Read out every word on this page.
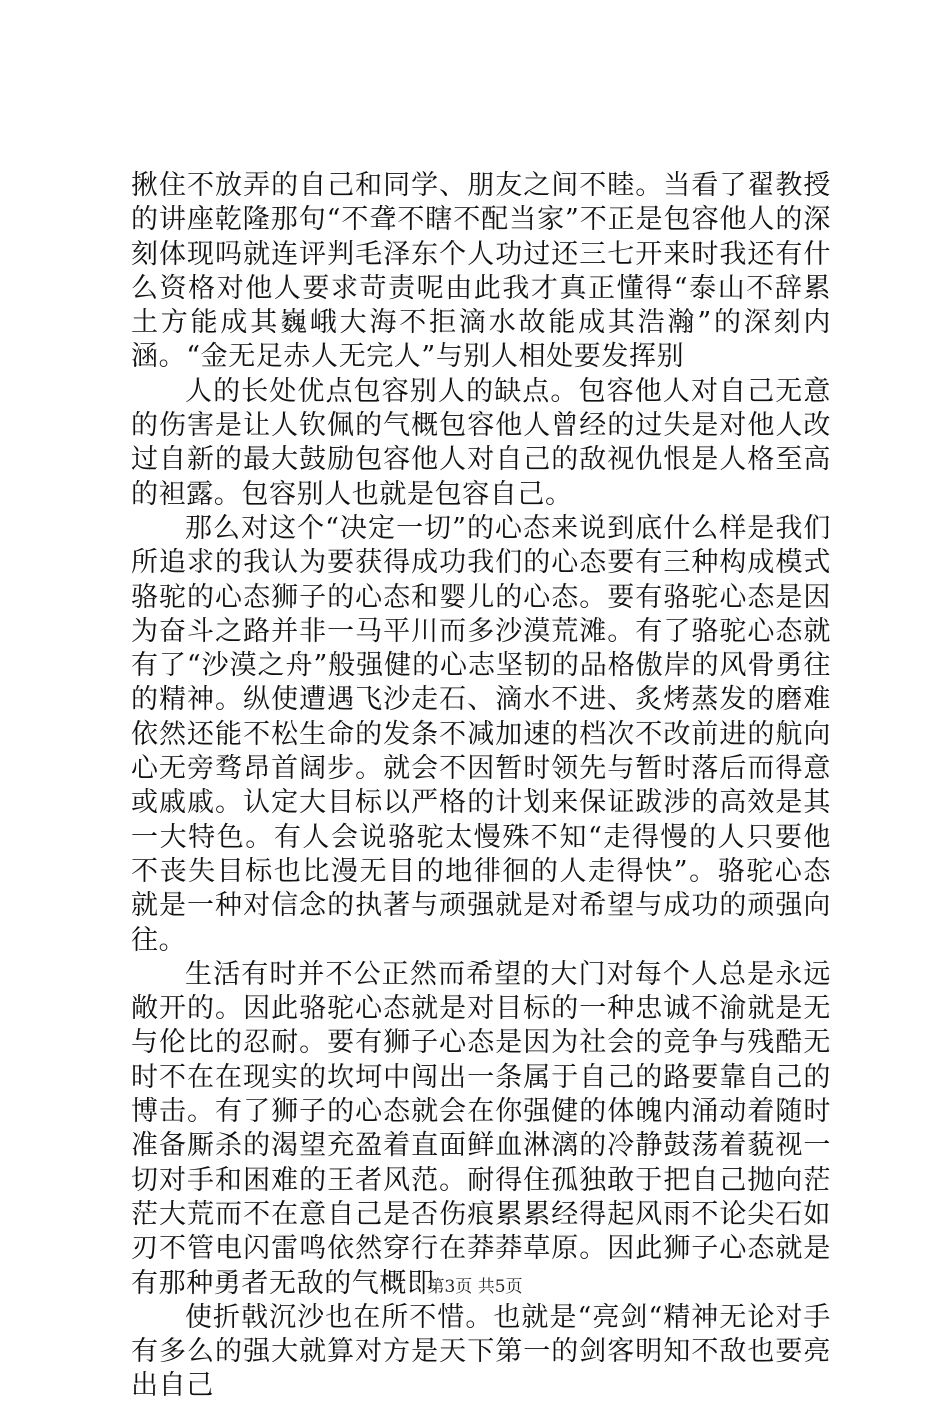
揪住不放弄的自己和同学、朋友之间不睦。当看了翟教授的讲座乾隆那句“不聋不瞎不配当家”不正是包容他人的深刻体现吗就连评判毛泽东个人功过还三七开来时我还有什么资格对他人要求苛责呢由此我才真正懂得“泰山不辞累土方能成其巍峨大海不拒滴水故能成其浩瀚”的深刻内涵。“金无足赤人无完人”与别人相处要发挥别

人的长处优点包容别人的缺点。包容他人对自己无意的伤害是让人钦佩的气概包容他人曾经的过失是对他人改过自新的最大鼓励包容他人对自己的敌视仇恨是人格至高的袒露。包容别人也就是包容自己。

那么对这个“决定一切”的心态来说到底什么样是我们所追求的我认为要获得成功我们的心态要有三种构成模式骆驼的心态狮子的心态和婴儿的心态。要有骆驼心态是因为奋斗之路并非一马平川而多沙漠荒滩。有了骆驼心态就有了“沙漠之舟”般强健的心志坚韧的品格傲岸的风骨勇往的精神。纵使遭遇飞沙走石、滴水不进、炙烤蒸发的磨难依然还能不松生命的发条不减加速的档次不改前进的航向心无旁骛昂首阔步。就会不因暂时领先与暂时落后而得意或戚戚。认定大目标以严格的计划来保证跋涉的高效是其一大特色。有人会说骆驼太慢殊不知“走得慢的人只要他不丧失目标也比漫无目的地徘徊的人走得快”。骆驼心态就是一种对信念的执著与顽强就是对希望与成功的顽强向往。

生活有时并不公正然而希望的大门对每个人总是永远敞开的。因此骆驼心态就是对目标的一种忠诚不渝就是无与伦比的忍耐。要有狮子心态是因为社会的竞争与残酷无时不在在现实的坎坷中闯出一条属于自己的路要靠自己的博击。有了狮子的心态就会在你强健的体魄内涌动着随时准备厮杀的渴望充盈着直面鲜血淋漓的冷静鼓荡着藐视一切对手和困难的王者风范。耐得住孤独敢于把自己抛向茫茫大荒而不在意自己是否伤痕累累经得起风雨不论尖石如刃不管电闪雷鸣依然穿行在莽莽草原。因此狮子心态就是有那种勇者无敌的气概即

使折戟沉沙也在所不惜。也就是“亮剑“精神无论对手有多么的强大就算对方是天下第一的剑客明知不敌也要亮出自己

第3页 共5页
